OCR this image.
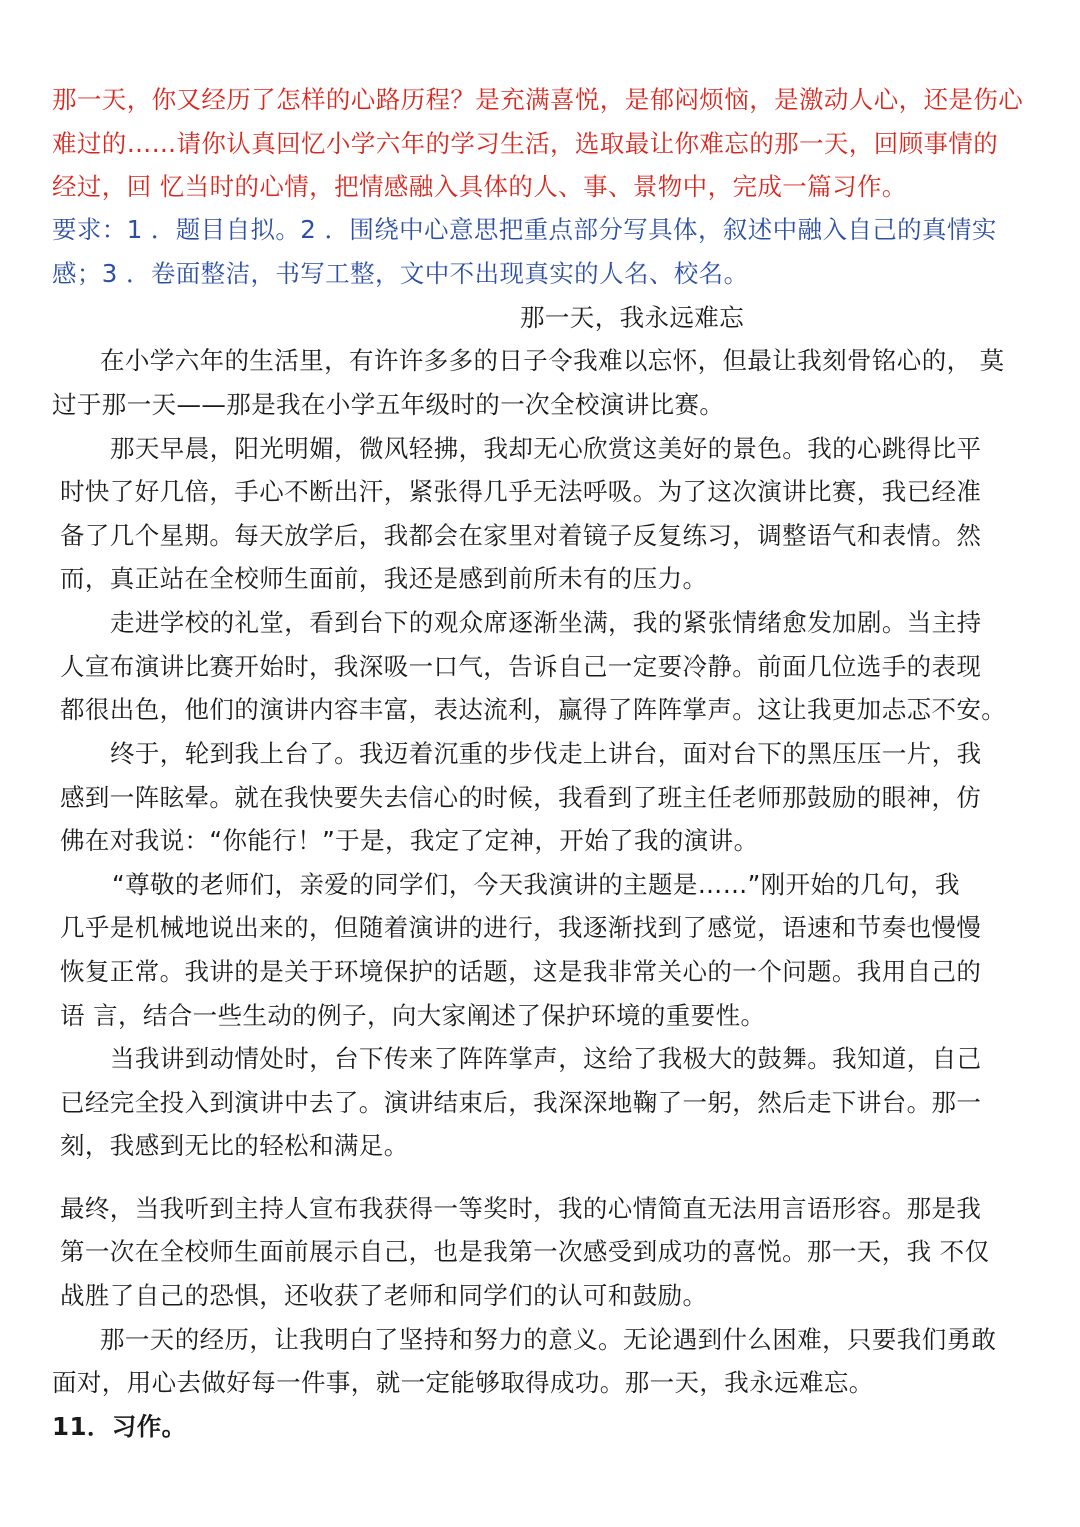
那一天，你又经历了怎样的心路历程？是充满喜悦，是郁闷烦恼，是激动人心，还是伤心
难过的……请你认真回忆小学六年的学习生活，选取最让你难忘的那一天，回顾事情的
经过，回 忆当时的心情，把情感融入具体的人、事、景物中，完成一篇习作。
要求：1 ．题目自拟。2 ．围绕中心意思把重点部分写具体，叙述中融入自己的真情实
感；3 ．卷面整洁，书写工整，文中不出现真实的人名、校名。
那一天，我永远难忘
在小学六年的生活里，有许许多多的日子令我难以忘怀，但最让我刻骨铭心的， 莫
过于那一天——那是我在小学五年级时的一次全校演讲比赛。
那天早晨，阳光明媚，微风轻拂，我却无心欣赏这美好的景色。我的心跳得比平
时快了好几倍，手心不断出汗，紧张得几乎无法呼吸。为了这次演讲比赛，我已经准
备了几个星期。每天放学后，我都会在家里对着镜子反复练习，调整语气和表情。然
而，真正站在全校师生面前，我还是感到前所未有的压力。
走进学校的礼堂，看到台下的观众席逐渐坐满，我的紧张情绪愈发加剧。当主持
人宣布演讲比赛开始时，我深吸一口气，告诉自己一定要冷静。前面几位选手的表现
都很出色，他们的演讲内容丰富，表达流利，赢得了阵阵掌声。这让我更加忐忑不安。
终于，轮到我上台了。我迈着沉重的步伐走上讲台，面对台下的黑压压一片，我
感到一阵眩晕。就在我快要失去信心的时候，我看到了班主任老师那鼓励的眼神，仿
佛在对我说：“你能行！”于是，我定了定神，开始了我的演讲。
“尊敬的老师们，亲爱的同学们，今天我演讲的主题是……”刚开始的几句，我
几乎是机械地说出来的，但随着演讲的进行，我逐渐找到了感觉，语速和节奏也慢慢
恢复正常。我讲的是关于环境保护的话题，这是我非常关心的一个问题。我用自己的
语 言，结合一些生动的例子，向大家阐述了保护环境的重要性。
当我讲到动情处时，台下传来了阵阵掌声，这给了我极大的鼓舞。我知道，自己
已经完全投入到演讲中去了。演讲结束后，我深深地鞠了一躬，然后走下讲台。那一
刻，我感到无比的轻松和满足。
最终，当我听到主持人宣布我获得一等奖时，我的心情简直无法用言语形容。那是我
第一次在全校师生面前展示自己，也是我第一次感受到成功的喜悦。那一天，我 不仅
战胜了自己的恐惧，还收获了老师和同学们的认可和鼓励。
那一天的经历，让我明白了坚持和努力的意义。无论遇到什么困难，只要我们勇敢
面对，用心去做好每一件事，就一定能够取得成功。那一天，我永远难忘。
11．习作。
